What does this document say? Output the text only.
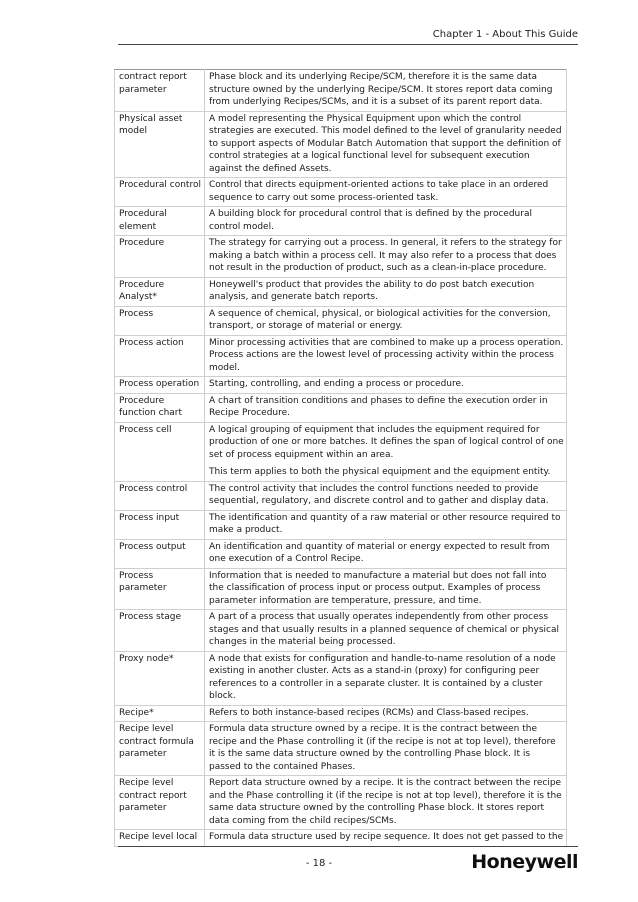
Chapter 1 - About This Guide
contract report parameter	Phase block and its underlying Recipe/SCM, therefore it is the same data structure owned by the underlying Recipe/SCM. It stores report data coming from underlying Recipes/SCMs, and it is a subset of its parent report data.

Physical asset model	A model representing the Physical Equipment upon which the control strategies are executed. This model defined to the level of granularity needed to support aspects of Modular Batch Automation that support the definition of control strategies at a logical functional level for subsequent execution against the defined Assets.

Procedural control	Control that directs equipment-oriented actions to take place in an ordered sequence to carry out some process-oriented task.

Procedural element	A building block for procedural control that is defined by the procedural control model.

Procedure	The strategy for carrying out a process. In general, it refers to the strategy for making a batch within a process cell. It may also refer to a process that does not result in the production of product, such as a clean-in-place procedure.

Procedure Analyst*	Honeywell's product that provides the ability to do post batch execution analysis, and generate batch reports.

Process	A sequence of chemical, physical, or biological activities for the conversion, transport, or storage of material or energy.

Process action	Minor processing activities that are combined to make up a process operation. Process actions are the lowest level of processing activity within the process model.

Process operation	Starting, controlling, and ending a process or procedure.

Procedure function chart	A chart of transition conditions and phases to define the execution order in Recipe Procedure.

Process cell	A logical grouping of equipment that includes the equipment required for production of one or more batches. It defines the span of logical control of one set of process equipment within an area.

This term applies to both the physical equipment and the equipment entity.

Process control	The control activity that includes the control functions needed to provide sequential, regulatory, and discrete control and to gather and display data.

Process input	The identification and quantity of a raw material or other resource required to make a product.

Process output	An identification and quantity of material or energy expected to result from one execution of a Control Recipe.

Process parameter	Information that is needed to manufacture a material but does not fall into the classification of process input or process output. Examples of process parameter information are temperature, pressure, and time.

Process stage	A part of a process that usually operates independently from other process stages and that usually results in a planned sequence of chemical or physical changes in the material being processed.

Proxy node*	A node that exists for configuration and handle-to-name resolution of a node existing in another cluster. Acts as a stand-in (proxy) for configuring peer references to a controller in a separate cluster. It is contained by a cluster block.

Recipe*	Refers to both instance-based recipes (RCMs) and Class-based recipes.

Recipe level contract formula parameter	Formula data structure owned by a recipe. It is the contract between the recipe and the Phase controlling it (if the recipe is not at top level), therefore it is the same data structure owned by the controlling Phase block. It is passed to the contained Phases.

Recipe level contract report parameter	Report data structure owned by a recipe. It is the contract between the recipe and the Phase controlling it (if the recipe is not at top level), therefore it is the same data structure owned by the controlling Phase block. It stores report data coming from the child recipes/SCMs.

Recipe level local	Formula data structure used by recipe sequence. It does not get passed to the

- 18 -	Honeywell
